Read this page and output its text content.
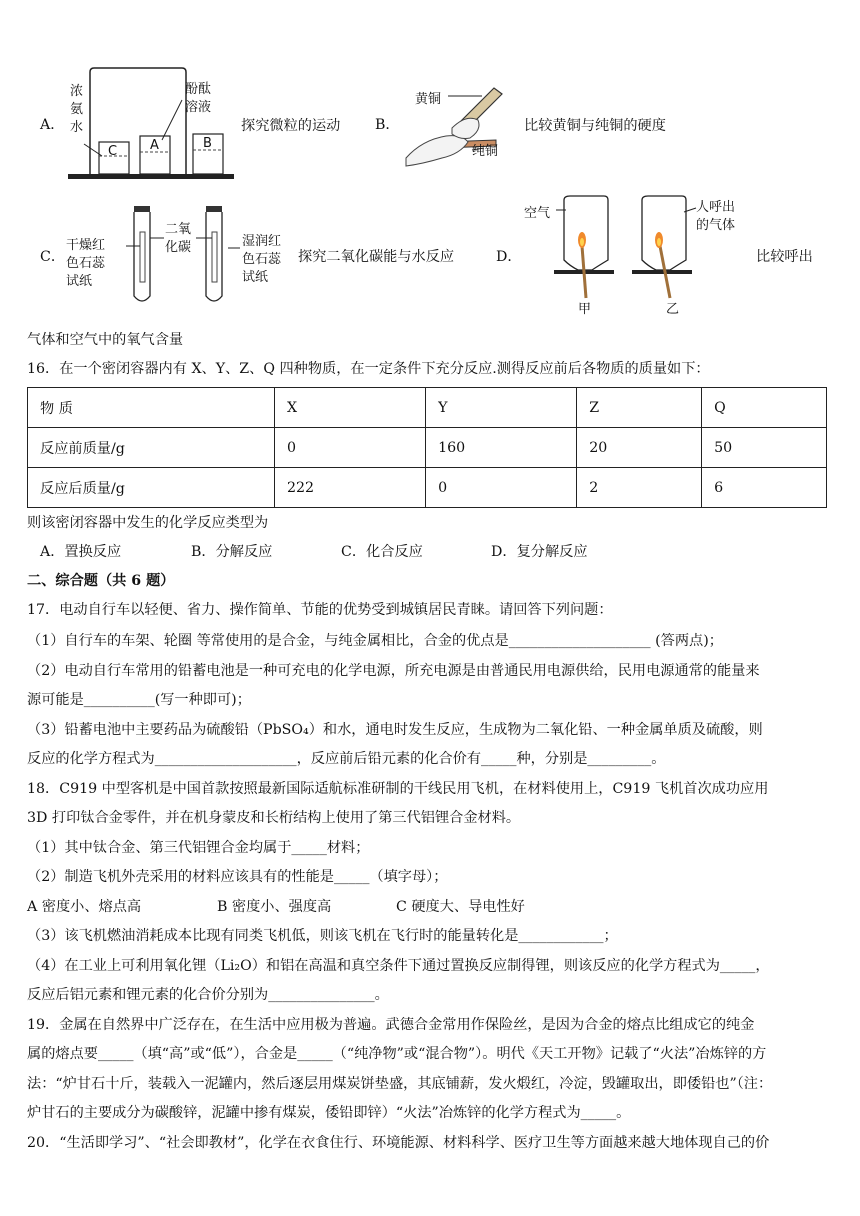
A．
浓
氨
水
酚酞
溶液
C	A	B
探究微粒的运动 B．
黄铜
纯铜
比较黄铜与纯铜的硬度
C．
干燥红
色石蕊
试纸
二氧
化碳	湿润红
色石蕊
试纸
探究二氧化碳能与水反应	D．
空气	人呼出
的气体
甲	乙
比较呼出
气体和空气中的氧气含量
16．在一个密闭容器内有 X、Y、Z、Q 四种物质，在一定条件下充分反应.测得反应前后各物质的质量如下：
物 质	X	Y	Z	Q
反应前质量/g	0	160	20	50
反应后质量/g	222	0	2	6
则该密闭容器中发生的化学反应类型为
A．置换反应	B．分解反应	C．化合反应	D．复分解反应
二、综合题（共 6 题）
17．电动自行车以轻便、省力、操作简单、节能的优势受到城镇居民青睐。请回答下列问题：
（1）自行车的车架、轮圈 等常使用的是合金，与纯金属相比，合金的优点是____________________ (答两点)；
（2）电动自行车常用的铅蓄电池是一种可充电的化学电源，所充电源是由普通民用电源供给，民用电源通常的能量来
源可能是__________(写一种即可)；
（3）铅蓄电池中主要药品为硫酸铅（PbSO₄）和水，通电时发生反应，生成物为二氧化铅、一种金属单质及硫酸，则
反应的化学方程式为____________________，反应前后铅元素的化合价有_____种，分别是_________。
18．C919 中型客机是中国首款按照最新国际适航标准研制的干线民用飞机，在材料使用上，C919 飞机首次成功应用
3D 打印钛合金零件，并在机身蒙皮和长桁结构上使用了第三代铝锂合金材料。
（1）其中钛合金、第三代铝锂合金均属于_____材料；
（2）制造飞机外壳采用的材料应该具有的性能是_____（填字母）；
A 密度小、熔点高	B 密度小、强度高	C 硬度大、导电性好
（3）该飞机燃油消耗成本比现有同类飞机低，则该飞机在飞行时的能量转化是____________；
（4）在工业上可利用氧化锂（Li₂O）和铝在高温和真空条件下通过置换反应制得锂，则该反应的化学方程式为_____，
反应后铝元素和锂元素的化合价分别为_______________。
19．金属在自然界中广泛存在，在生活中应用极为普遍。武德合金常用作保险丝，是因为合金的熔点比组成它的纯金
属的熔点要_____（填“高”或“低”），合金是_____（“纯净物”或“混合物”）。明代《天工开物》记载了“火法”冶炼锌的方
法：“炉甘石十斤，装载入一泥罐内，然后逐层用煤炭饼垫盛，其底铺薪，发火煅红，冷淀，毁罐取出，即倭铅也”（注：
炉甘石的主要成分为碳酸锌，泥罐中掺有煤炭，倭铅即锌）“火法”冶炼锌的化学方程式为_____。
20．“生活即学习”、“社会即教材”，化学在衣食住行、环境能源、材料科学、医疗卫生等方面越来越大地体现自己的价
